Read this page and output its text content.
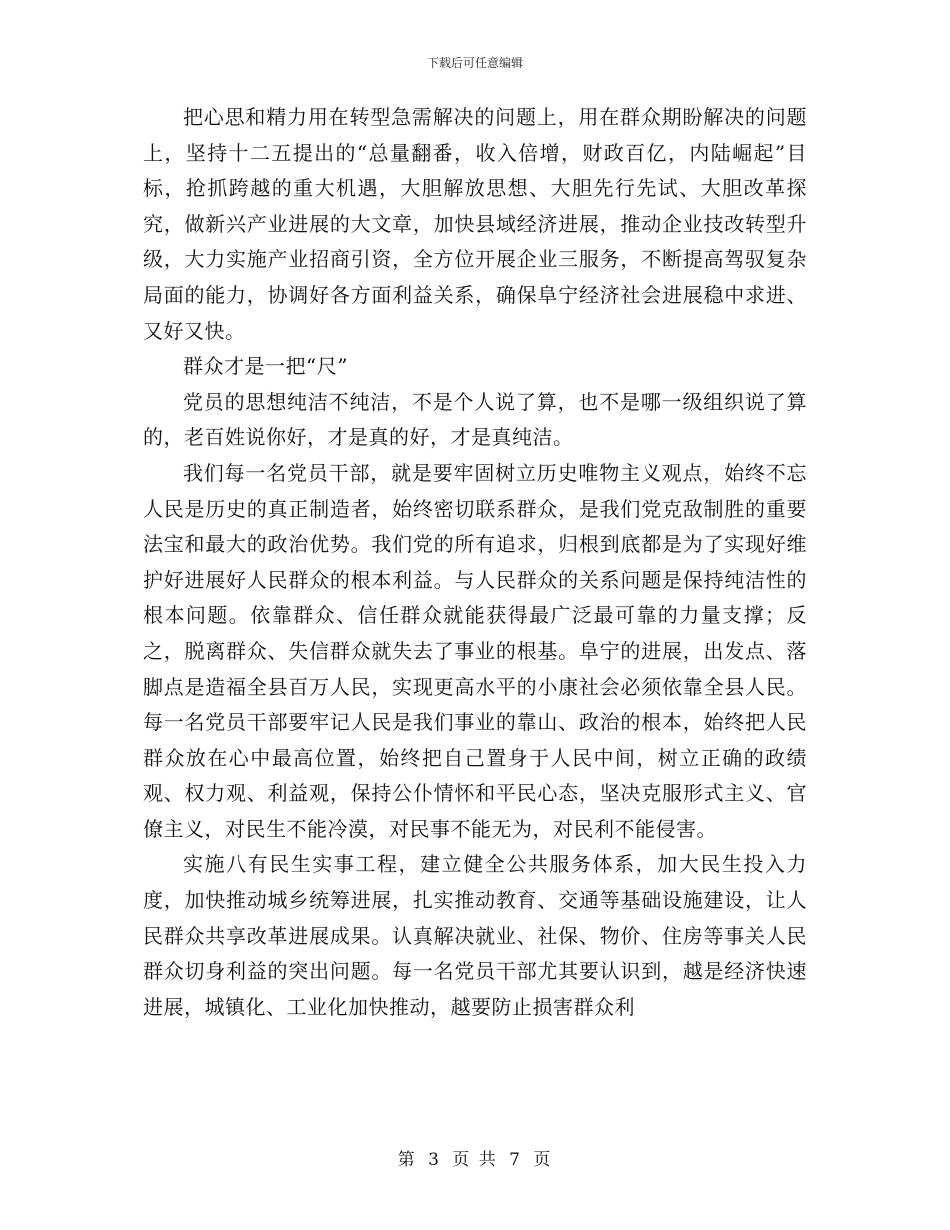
下载后可任意编辑

把心思和精力用在转型急需解决的问题上，用在群众期盼解决的问题上，坚持十二五提出的“总量翻番，收入倍增，财政百亿，内陆崛起”目标，抢抓跨越的重大机遇，大胆解放思想、大胆先行先试、大胆改革探究，做新兴产业进展的大文章，加快县域经济进展，推动企业技改转型升级，大力实施产业招商引资，全方位开展企业三服务，不断提高驾驭复杂局面的能力，协调好各方面利益关系，确保阜宁经济社会进展稳中求进、又好又快。

群众才是一把“尺”

党员的思想纯洁不纯洁，不是个人说了算，也不是哪一级组织说了算的，老百姓说你好，才是真的好，才是真纯洁。

我们每一名党员干部，就是要牢固树立历史唯物主义观点，始终不忘人民是历史的真正制造者，始终密切联系群众，是我们党克敌制胜的重要法宝和最大的政治优势。我们党的所有追求，归根到底都是为了实现好维护好进展好人民群众的根本利益。与人民群众的关系问题是保持纯洁性的根本问题。依靠群众、信任群众就能获得最广泛最可靠的力量支撑；反之，脱离群众、失信群众就失去了事业的根基。阜宁的进展，出发点、落脚点是造福全县百万人民，实现更高水平的小康社会必须依靠全县人民。每一名党员干部要牢记人民是我们事业的靠山、政治的根本，始终把人民群众放在心中最高位置，始终把自己置身于人民中间，树立正确的政绩观、权力观、利益观，保持公仆情怀和平民心态，坚决克服形式主义、官僚主义，对民生不能冷漠，对民事不能无为，对民利不能侵害。

实施八有民生实事工程，建立健全公共服务体系，加大民生投入力度，加快推动城乡统筹进展，扎实推动教育、交通等基础设施建设，让人民群众共享改革进展成果。认真解决就业、社保、物价、住房等事关人民群众切身利益的突出问题。每一名党员干部尤其要认识到，越是经济快速进展，城镇化、工业化加快推动，越要防止损害群众利

第 3 页 共 7 页
